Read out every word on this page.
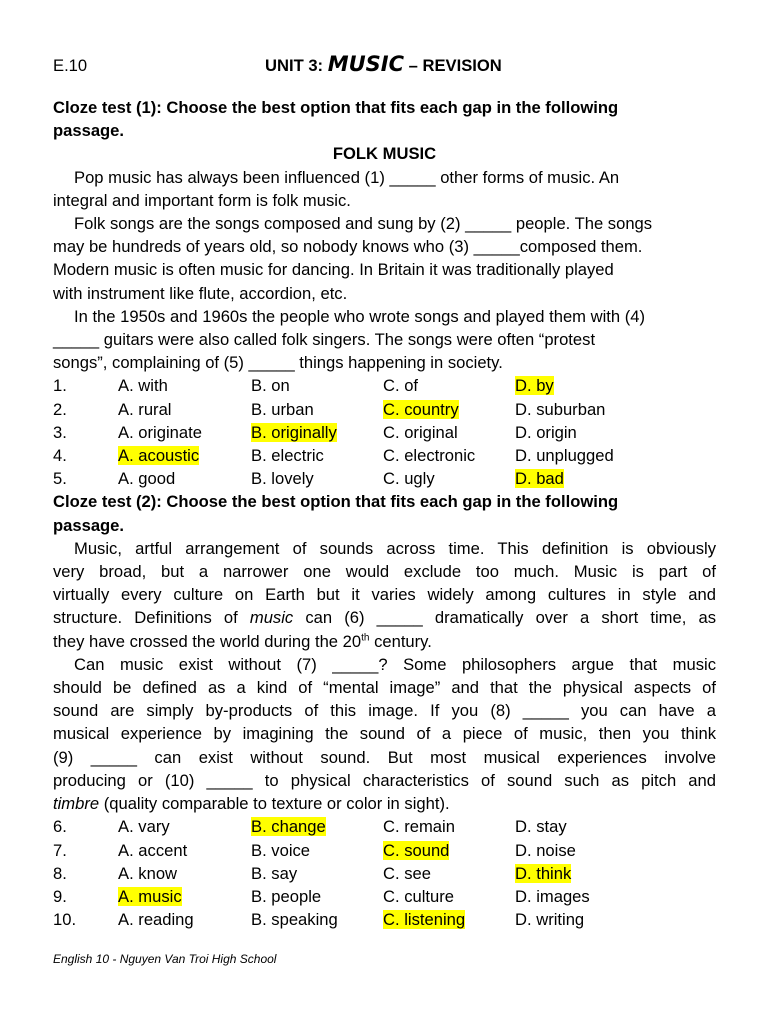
E.10	UNIT 3: MUSIC – REVISION
Cloze test (1): Choose the best option that fits each gap in the following
passage.
FOLK MUSIC
Pop music has always been influenced (1) _____ other forms of music. An
integral and important form is folk music.
Folk songs are the songs composed and sung by (2) _____ people. The songs
may be hundreds of years old, so nobody knows who (3) _____composed them.
Modern music is often music for dancing. In Britain it was traditionally played
with instrument like flute, accordion, etc.
In the 1950s and 1960s the people who wrote songs and played them with (4)
_____ guitars were also called folk singers. The songs were often “protest
songs”, complaining of (5) _____ things happening in society.
1.	A. with	B. on	C. of	D. by
2.	A. rural	B. urban	C. country	D. suburban
3.	A. originate	B. originally	C. original	D. origin
4.	A. acoustic	B. electric	C. electronic	D. unplugged
5.	A. good	B. lovely	C. ugly	D. bad
Cloze test (2): Choose the best option that fits each gap in the following
passage.
Music, artful arrangement of sounds across time. This definition is obviously
very broad, but a narrower one would exclude too much. Music is part of
virtually every culture on Earth but it varies widely among cultures in style and
structure. Definitions of music can (6) _____ dramatically over a short time, as
they have crossed the world during the 20th century.
Can music exist without (7) _____? Some philosophers argue that music
should be defined as a kind of “mental image” and that the physical aspects of
sound are simply by-products of this image. If you (8) _____ you can have a
musical experience by imagining the sound of a piece of music, then you think
(9) _____ can exist without sound. But most musical experiences involve
producing or (10) _____ to physical characteristics of sound such as pitch and
timbre (quality comparable to texture or color in sight).
6.	A. vary	B. change	C. remain	D. stay
7.	A. accent	B. voice	C. sound	D. noise
8.	A. know	B. say	C. see	D. think
9.	A. music	B. people	C. culture	D. images
10.	A. reading	B. speaking	C. listening	D. writing
English 10 - Nguyen Van Troi High School
